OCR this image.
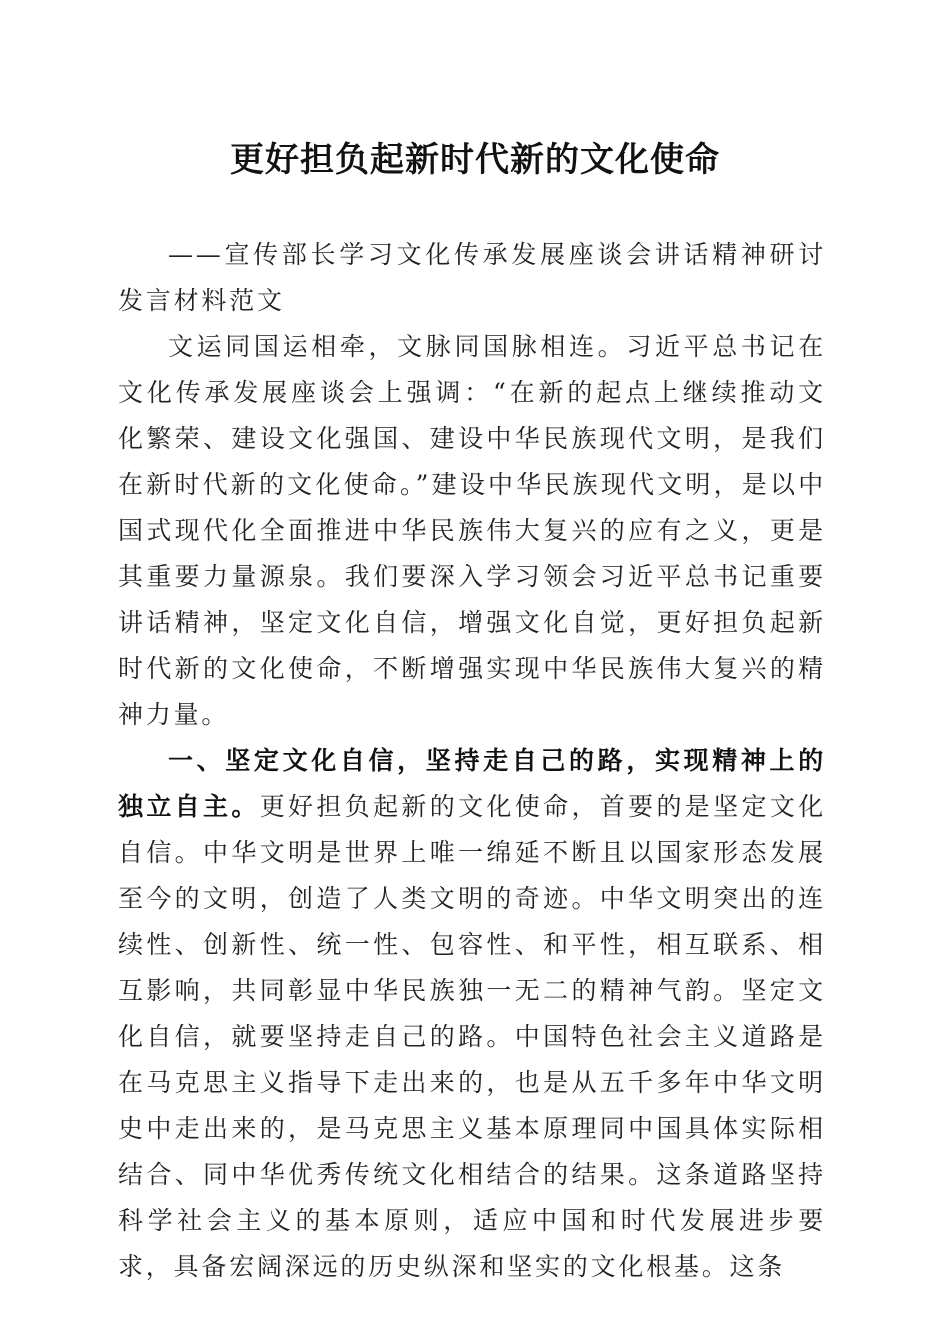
更好担负起新时代新的文化使命

——宣传部长学习文化传承发展座谈会讲话精神研讨发言材料范文

文运同国运相牵，文脉同国脉相连。习近平总书记在文化传承发展座谈会上强调：“在新的起点上继续推动文化繁荣、建设文化强国、建设中华民族现代文明，是我们在新时代新的文化使命。”建设中华民族现代文明，是以中国式现代化全面推进中华民族伟大复兴的应有之义，更是其重要力量源泉。我们要深入学习领会习近平总书记重要讲话精神，坚定文化自信，增强文化自觉，更好担负起新时代新的文化使命，不断增强实现中华民族伟大复兴的精神力量。

一、坚定文化自信，坚持走自己的路，实现精神上的独立自主。更好担负起新的文化使命，首要的是坚定文化自信。中华文明是世界上唯一绵延不断且以国家形态发展至今的文明，创造了人类文明的奇迹。中华文明突出的连续性、创新性、统一性、包容性、和平性，相互联系、相互影响，共同彰显中华民族独一无二的精神气韵。坚定文化自信，就要坚持走自己的路。中国特色社会主义道路是在马克思主义指导下走出来的，也是从五千多年中华文明史中走出来的，是马克思主义基本原理同中国具体实际相结合、同中华优秀传统文化相结合的结果。这条道路坚持科学社会主义的基本原则，适应中国和时代发展进步要求，具备宏阔深远的历史纵深和坚实的文化根基。这条
